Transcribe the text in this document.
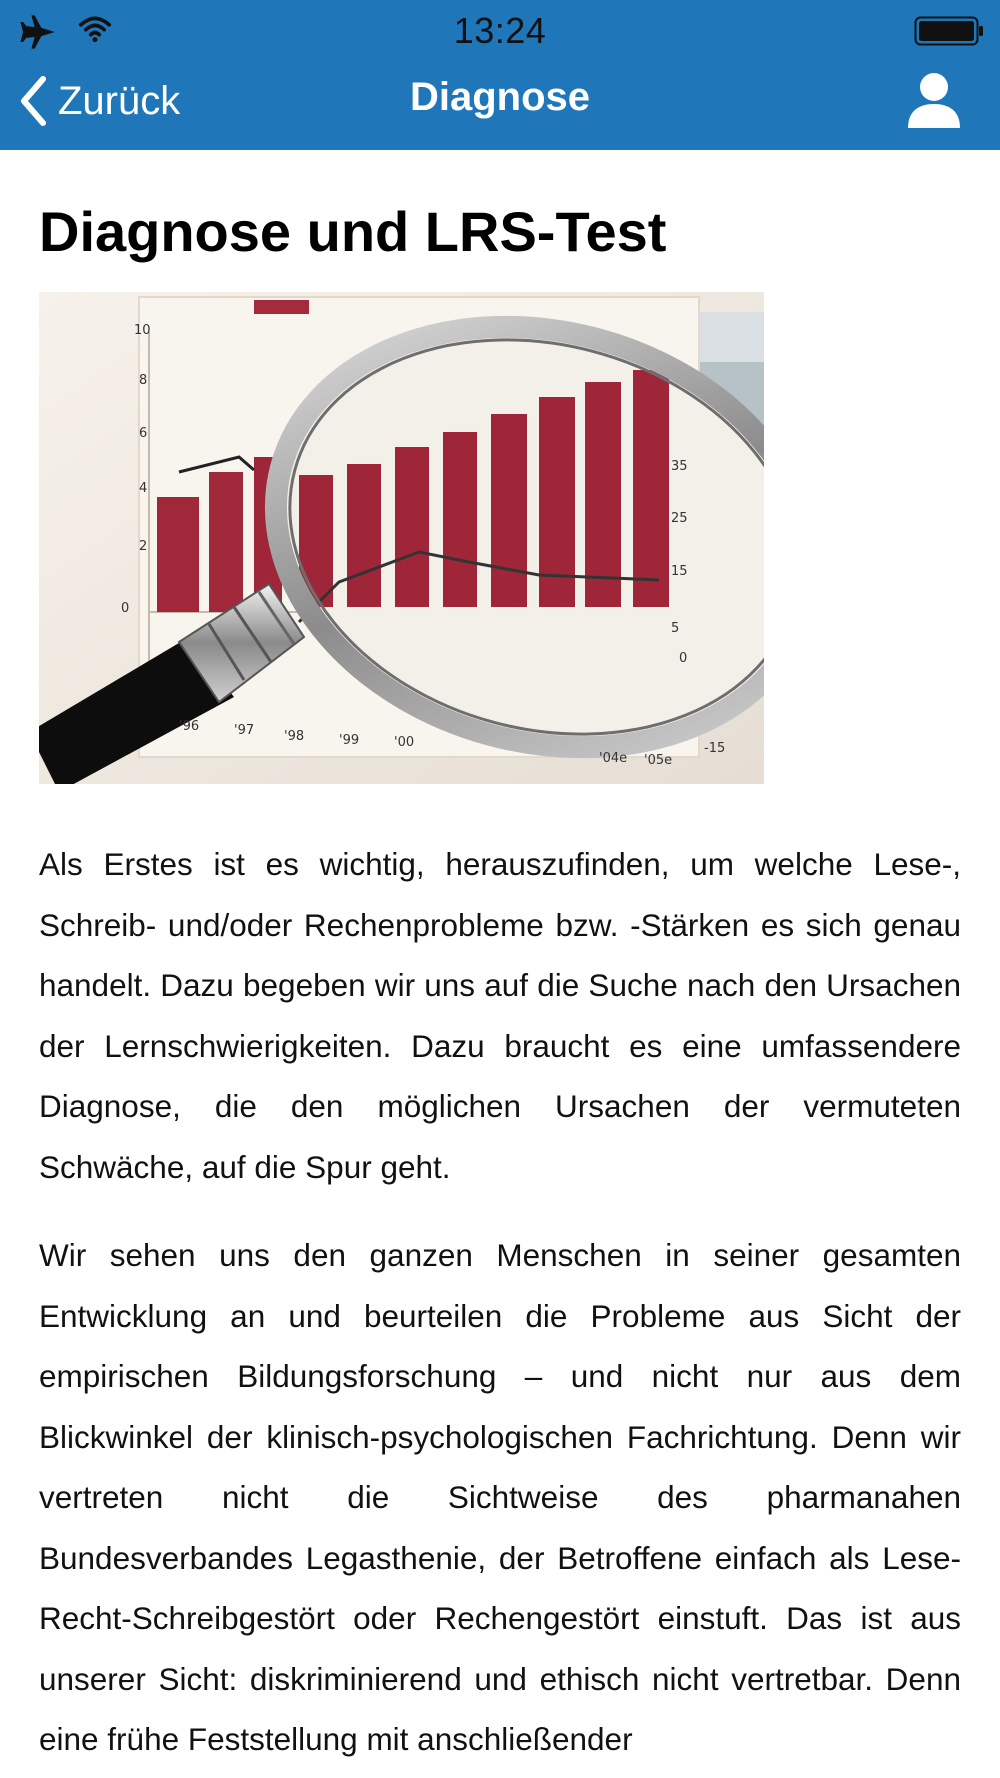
13:24
Zurück	Diagnose
Diagnose und LRS-Test
10
8
6
4
2
0
35
25
15
5
0
-15
'96	'97 '98	'99	'00
'04e '05e

Als Erstes ist es wichtig, herauszufinden, um welche Lese-, Schreib- und/oder Rechenprobleme bzw. -Stärken es sich genau handelt. Dazu begeben wir uns auf die Suche nach den Ursachen der Lernschwierigkeiten. Dazu braucht es eine umfassendere Diagnose, die den möglichen Ursachen der vermuteten Schwäche, auf die Spur geht.

Wir sehen uns den ganzen Menschen in seiner gesamten Entwicklung an und beurteilen die Probleme aus Sicht der empirischen Bildungsforschung – und nicht nur aus dem Blickwinkel der klinisch-psychologischen Fachrichtung. Denn wir vertreten nicht die Sichtweise des pharmanahen Bundesverbandes Legasthenie, der Betroffene einfach als Lese-Recht-Schreibgestört oder Rechengestört einstuft. Das ist aus unserer Sicht: diskriminierend und ethisch nicht vertretbar. Denn eine frühe Feststellung mit anschließender
